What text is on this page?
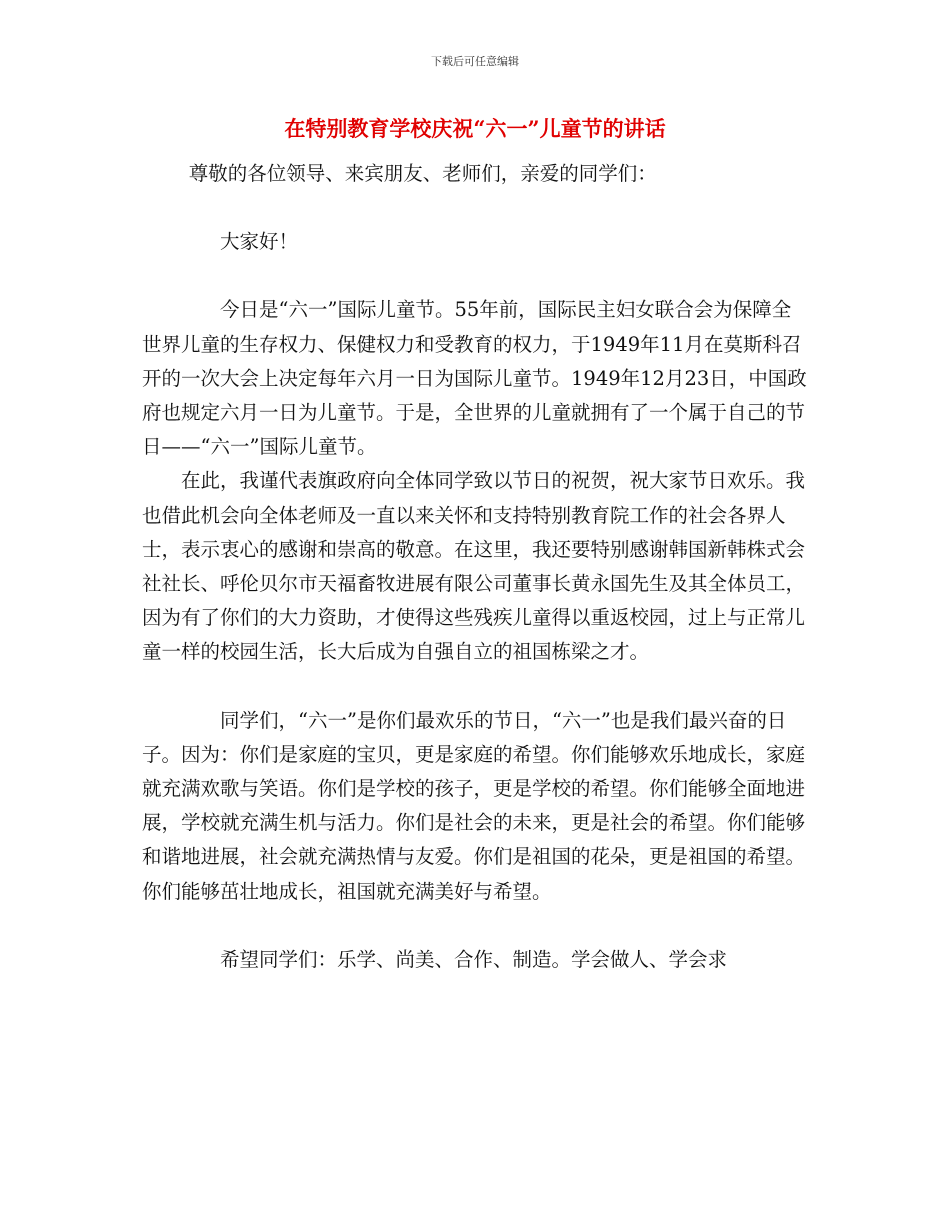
下载后可任意编辑
在特别教育学校庆祝“六一”儿童节的讲话

尊敬的各位领导、来宾朋友、老师们，亲爱的同学们：

大家好！

今日是“六一”国际儿童节。55年前，国际民主妇女联合会为保障全世界儿童的生存权力、保健权力和受教育的权力，于1949年11月在莫斯科召开的一次大会上决定每年六月一日为国际儿童节。1949年12月23日，中国政府也规定六月一日为儿童节。于是，全世界的儿童就拥有了一个属于自己的节日——“六一”国际儿童节。

在此，我谨代表旗政府向全体同学致以节日的祝贺，祝大家节日欢乐。我也借此机会向全体老师及一直以来关怀和支持特别教育院工作的社会各界人士，表示衷心的感谢和崇高的敬意。在这里，我还要特别感谢韩国新韩株式会社社长、呼伦贝尔市天福畜牧进展有限公司董事长黄永国先生及其全体员工，因为有了你们的大力资助，才使得这些残疾儿童得以重返校园，过上与正常儿童一样的校园生活，长大后成为自强自立的祖国栋梁之才。

同学们，“六一”是你们最欢乐的节日，“六一”也是我们最兴奋的日子。因为：你们是家庭的宝贝，更是家庭的希望。你们能够欢乐地成长，家庭就充满欢歌与笑语。你们是学校的孩子，更是学校的希望。你们能够全面地进展，学校就充满生机与活力。你们是社会的未来，更是社会的希望。你们能够和谐地进展，社会就充满热情与友爱。你们是祖国的花朵，更是祖国的希望。你们能够茁壮地成长，祖国就充满美好与希望。

希望同学们：乐学、尚美、合作、制造。学会做人、学会求
